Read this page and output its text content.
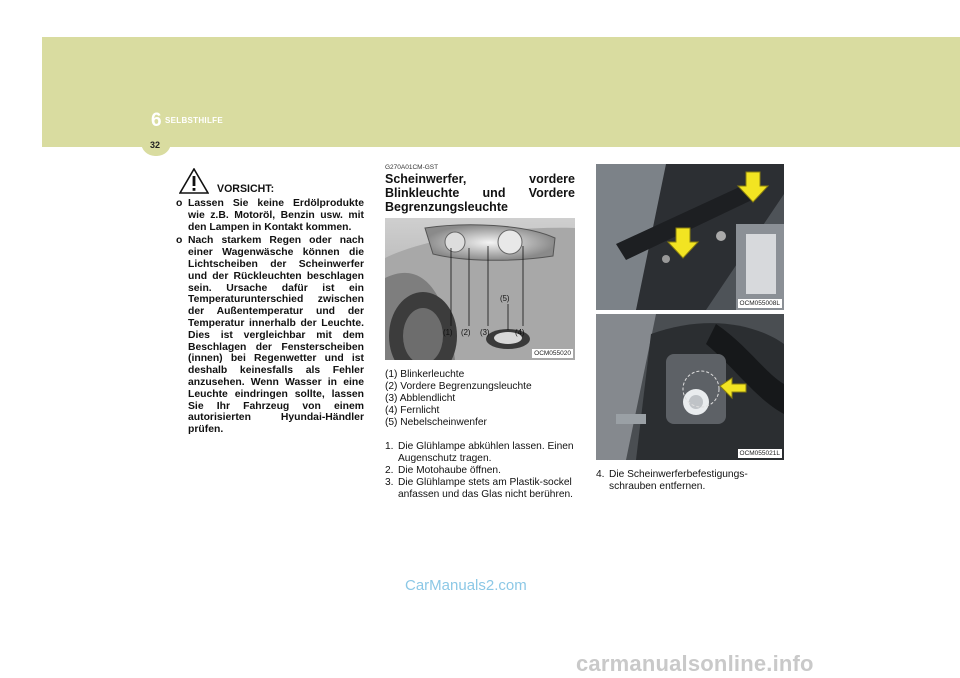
6 SELBSTHILFE
32
VORSICHT:
o Lassen Sie keine Erdölprodukte wie z.B. Motoröl, Benzin usw. mit den Lampen in Kontakt kommen.
o Nach starkem Regen oder nach einer Wagenwäsche können die Lichtscheiben der Scheinwerfer und der Rückleuchten beschlagen sein. Ursache dafür ist ein Temperaturunterschied zwischen der Außentemperatur und der Temperatur innerhalb der Leuchte. Dies ist vergleichbar mit dem Beschlagen der Fensterscheiben (innen) bei Regenwetter und ist deshalb keinesfalls als Fehler anzusehen. Wenn Wasser in eine Leuchte eindringen sollte, lassen Sie Ihr Fahrzeug von einem autorisierten Hyundai-Händler prüfen.
G270A01CM-GST
Scheinwerfer, vordere Blinkleuchte und Vordere Begrenzungsleuchte
(1) (2) (3)	(4)
(5)
OCM055020
(1) Blinkerleuchte
(2) Vordere Begrenzungsleuchte
(3) Abblendlicht
(4) Fernlicht
(5) Nebelscheinwenfer
1. Die Glühlampe abkühlen lassen. Einen Augenschutz tragen.
2. Die Motohaube öffnen.
3. Die Glühlampe stets am Plastik-sockel anfassen und das Glas nicht berühren.
OCM055008L
OCM055021L
4. Die Scheinwerferbefestigungs-schrauben entfernen.
CarManuals2.com
carmanualsonline.info
